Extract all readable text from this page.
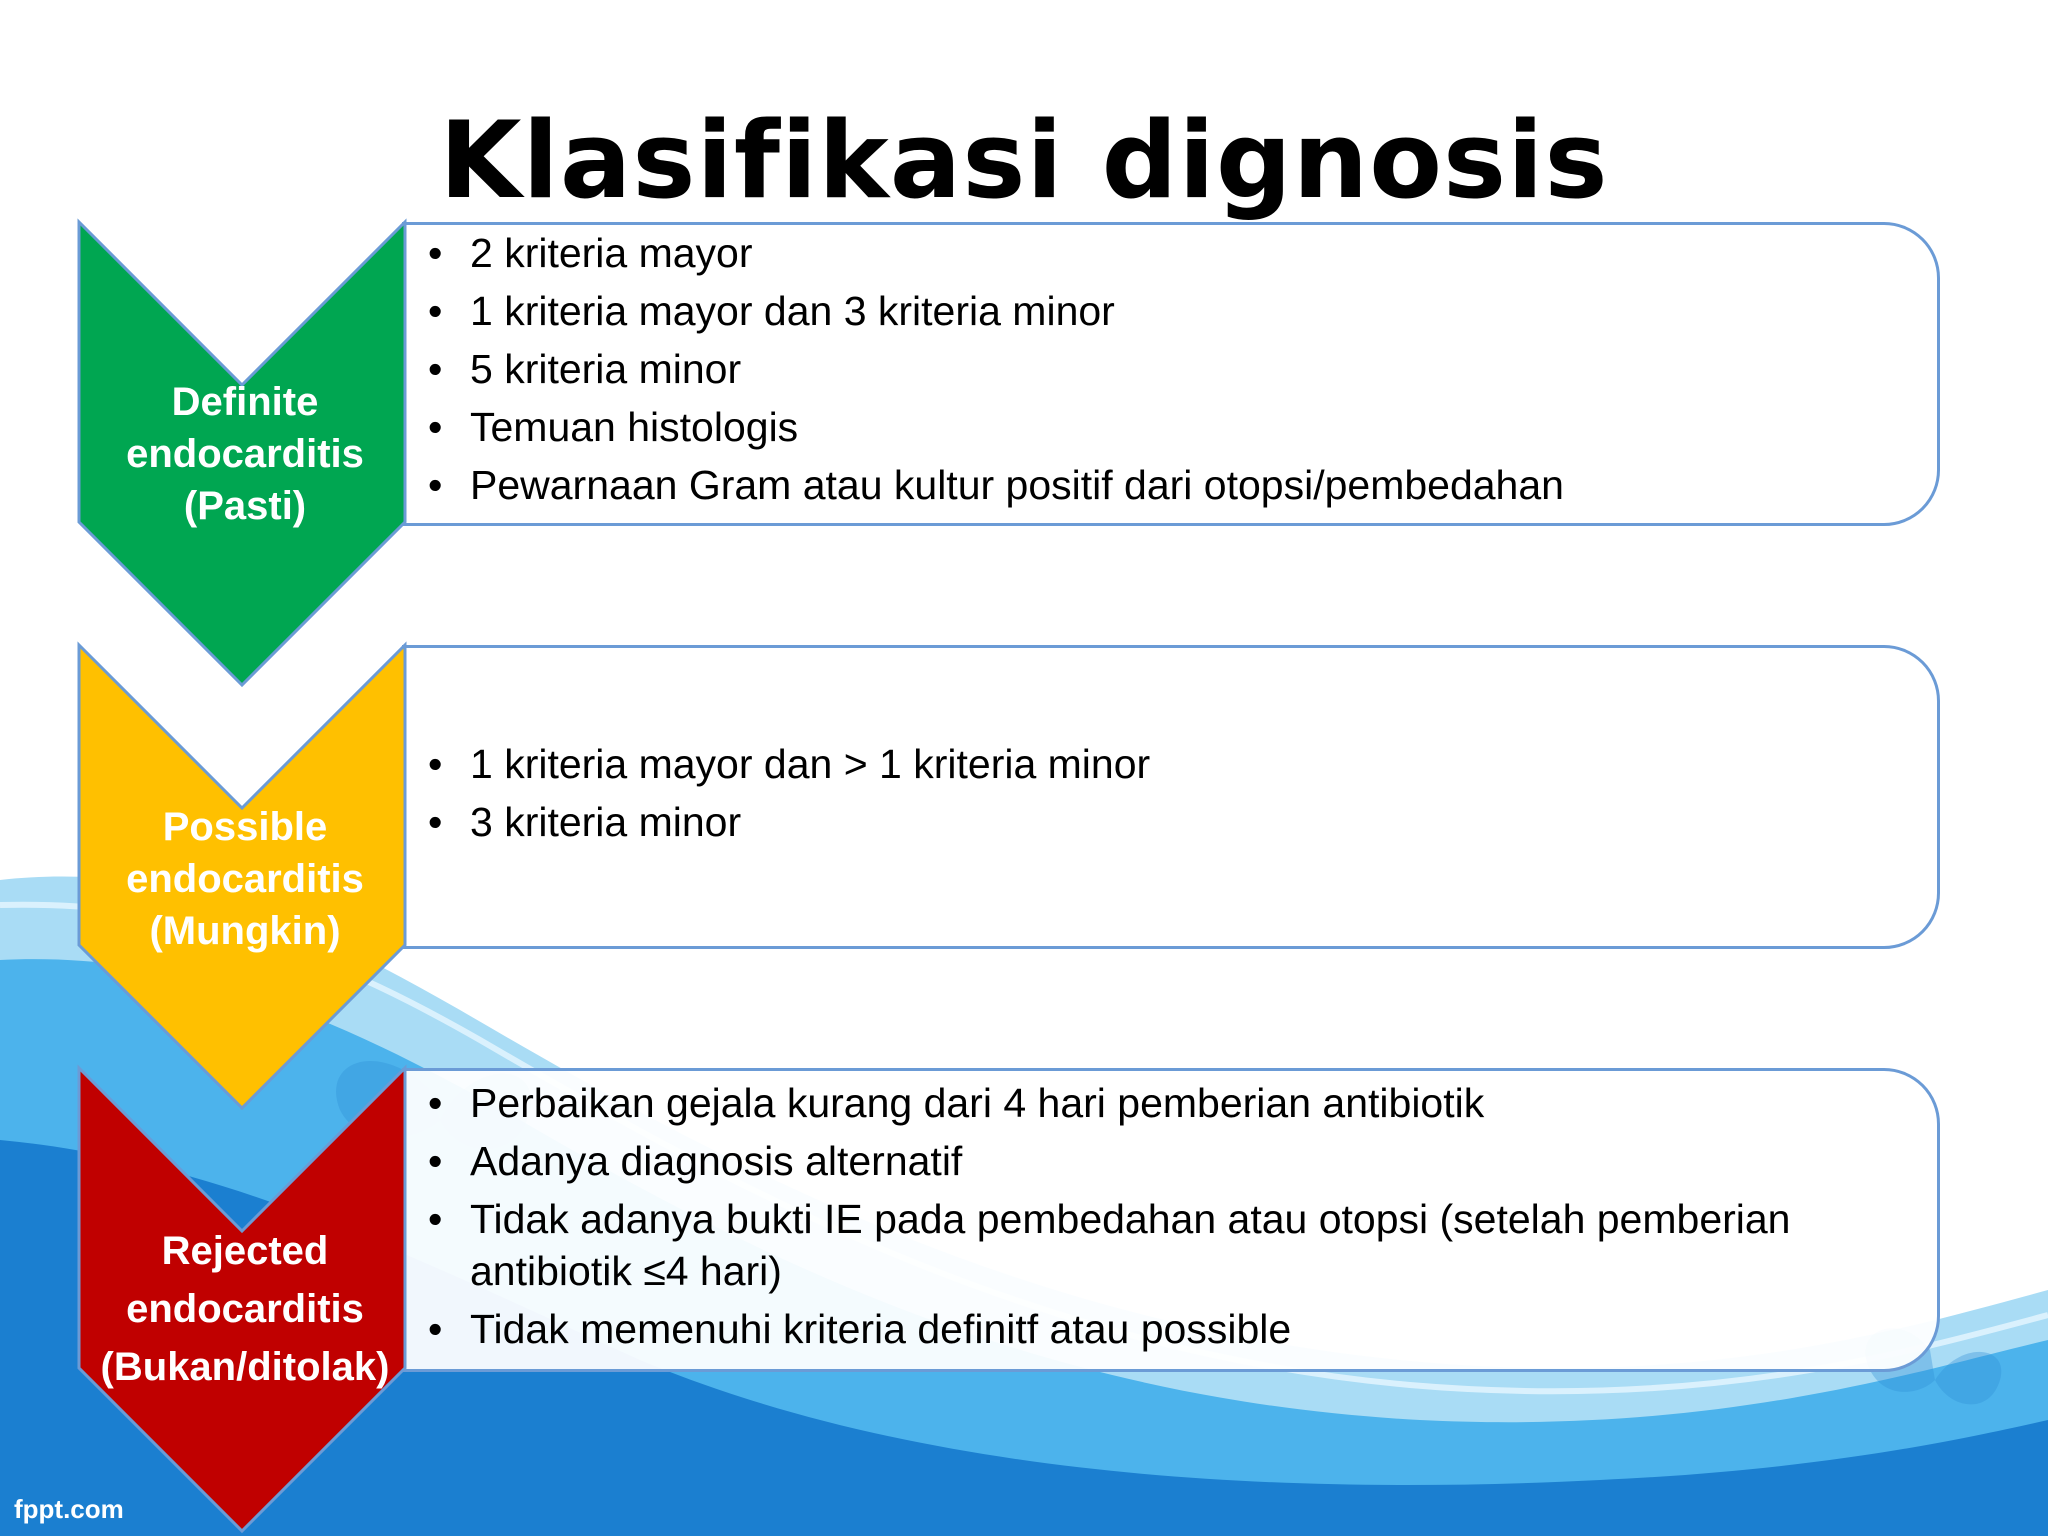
Klasifikasi dignosis
Definite
endocarditis
(Pasti)
Possible
endocarditis
(Mungkin)
Rejected
endocarditis
(Bukan/ditolak)
• 2 kriteria mayor
• 1 kriteria mayor dan 3 kriteria minor
• 5 kriteria minor
• Temuan histologis
• Pewarnaan Gram atau kultur positif dari otopsi/pembedahan
• 1 kriteria mayor dan > 1 kriteria minor
• 3 kriteria minor
• Perbaikan gejala kurang dari 4 hari pemberian antibiotik
• Adanya diagnosis alternatif
• Tidak adanya bukti IE pada pembedahan atau otopsi (setelah pemberian antibiotik ≤4 hari)
• Tidak memenuhi kriteria definitf atau possible
fppt.com
